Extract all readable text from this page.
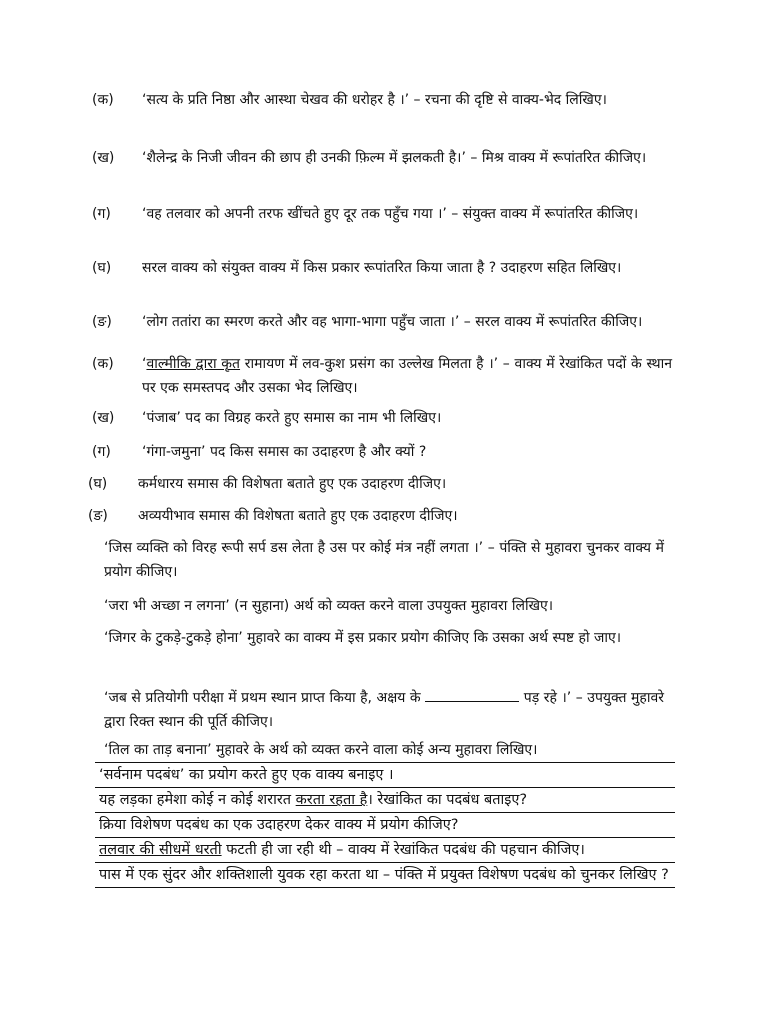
(क)	‘सत्य के प्रति निष्ठा और आस्था चेखव की धरोहर है ।’ – रचना की दृष्टि से वाक्य-भेद लिखिए।
(ख)	‘शैलेन्द्र के निजी जीवन की छाप ही उनकी फ़िल्म में झलकती है।’ – मिश्र वाक्य में रूपांतरित कीजिए।
(ग)	‘वह तलवार को अपनी तरफ खींचते हुए दूर तक पहुँच गया ।’ – संयुक्त वाक्य में रूपांतरित कीजिए।
(घ)	सरल वाक्य को संयुक्त वाक्य में किस प्रकार रूपांतरित किया जाता है ? उदाहरण सहित लिखिए।
(ङ)	‘लोग ततांरा का स्मरण करते और वह भागा-भागा पहुँच जाता ।’ – सरल वाक्य में रूपांतरित कीजिए।
(क)	‘वाल्मीकि द्वारा कृत रामायण में लव-कुश प्रसंग का उल्लेख मिलता है ।’ – वाक्य में रेखांकित पदों के स्थान पर एक समस्तपद और उसका भेद लिखिए।
(ख)	‘पंजाब’ पद का विग्रह करते हुए समास का नाम भी लिखिए।
(ग)	‘गंगा-जमुना’ पद किस समास का उदाहरण है और क्यों ?
(घ)	कर्मधारय समास की विशेषता बताते हुए एक उदाहरण दीजिए।
(ङ)	अव्ययीभाव समास की विशेषता बताते हुए एक उदाहरण दीजिए।
‘जिस व्यक्ति को विरह रूपी सर्प डस लेता है उस पर कोई मंत्र नहीं लगता ।’ – पंक्ति से मुहावरा चुनकर वाक्य में प्रयोग कीजिए।
‘जरा भी अच्छा न लगना’ (न सुहाना) अर्थ को व्यक्त करने वाला उपयुक्त मुहावरा लिखिए।
‘जिगर के टुकड़े-टुकड़े होना’ मुहावरे का वाक्य में इस प्रकार प्रयोग कीजिए कि उसका अर्थ स्पष्ट हो जाए।
‘जब से प्रतियोगी परीक्षा में प्रथम स्थान प्राप्त किया है, अक्षय के	पड़ रहे ।’ – उपयुक्त मुहावरे द्वारा रिक्त स्थान की पूर्ति कीजिए।
‘तिल का ताड़ बनाना’ मुहावरे के अर्थ को व्यक्त करने वाला कोई अन्य मुहावरा लिखिए।
‘सर्वनाम पदबंध’ का प्रयोग करते हुए एक वाक्य बनाइए ।
यह लड़का हमेशा कोई न कोई शरारत करता रहता है। रेखांकित का पदबंध बताइए?
क्रिया विशेषण पदबंध का एक उदाहरण देकर वाक्य में प्रयोग कीजिए?
तलवार की सीधमें धरती फटती ही जा रही थी – वाक्य में रेखांकित पदबंध की पहचान कीजिए।
पास में एक सुंदर और शक्तिशाली युवक रहा करता था – पंक्ति में प्रयुक्त विशेषण पदबंध को चुनकर लिखिए ?
